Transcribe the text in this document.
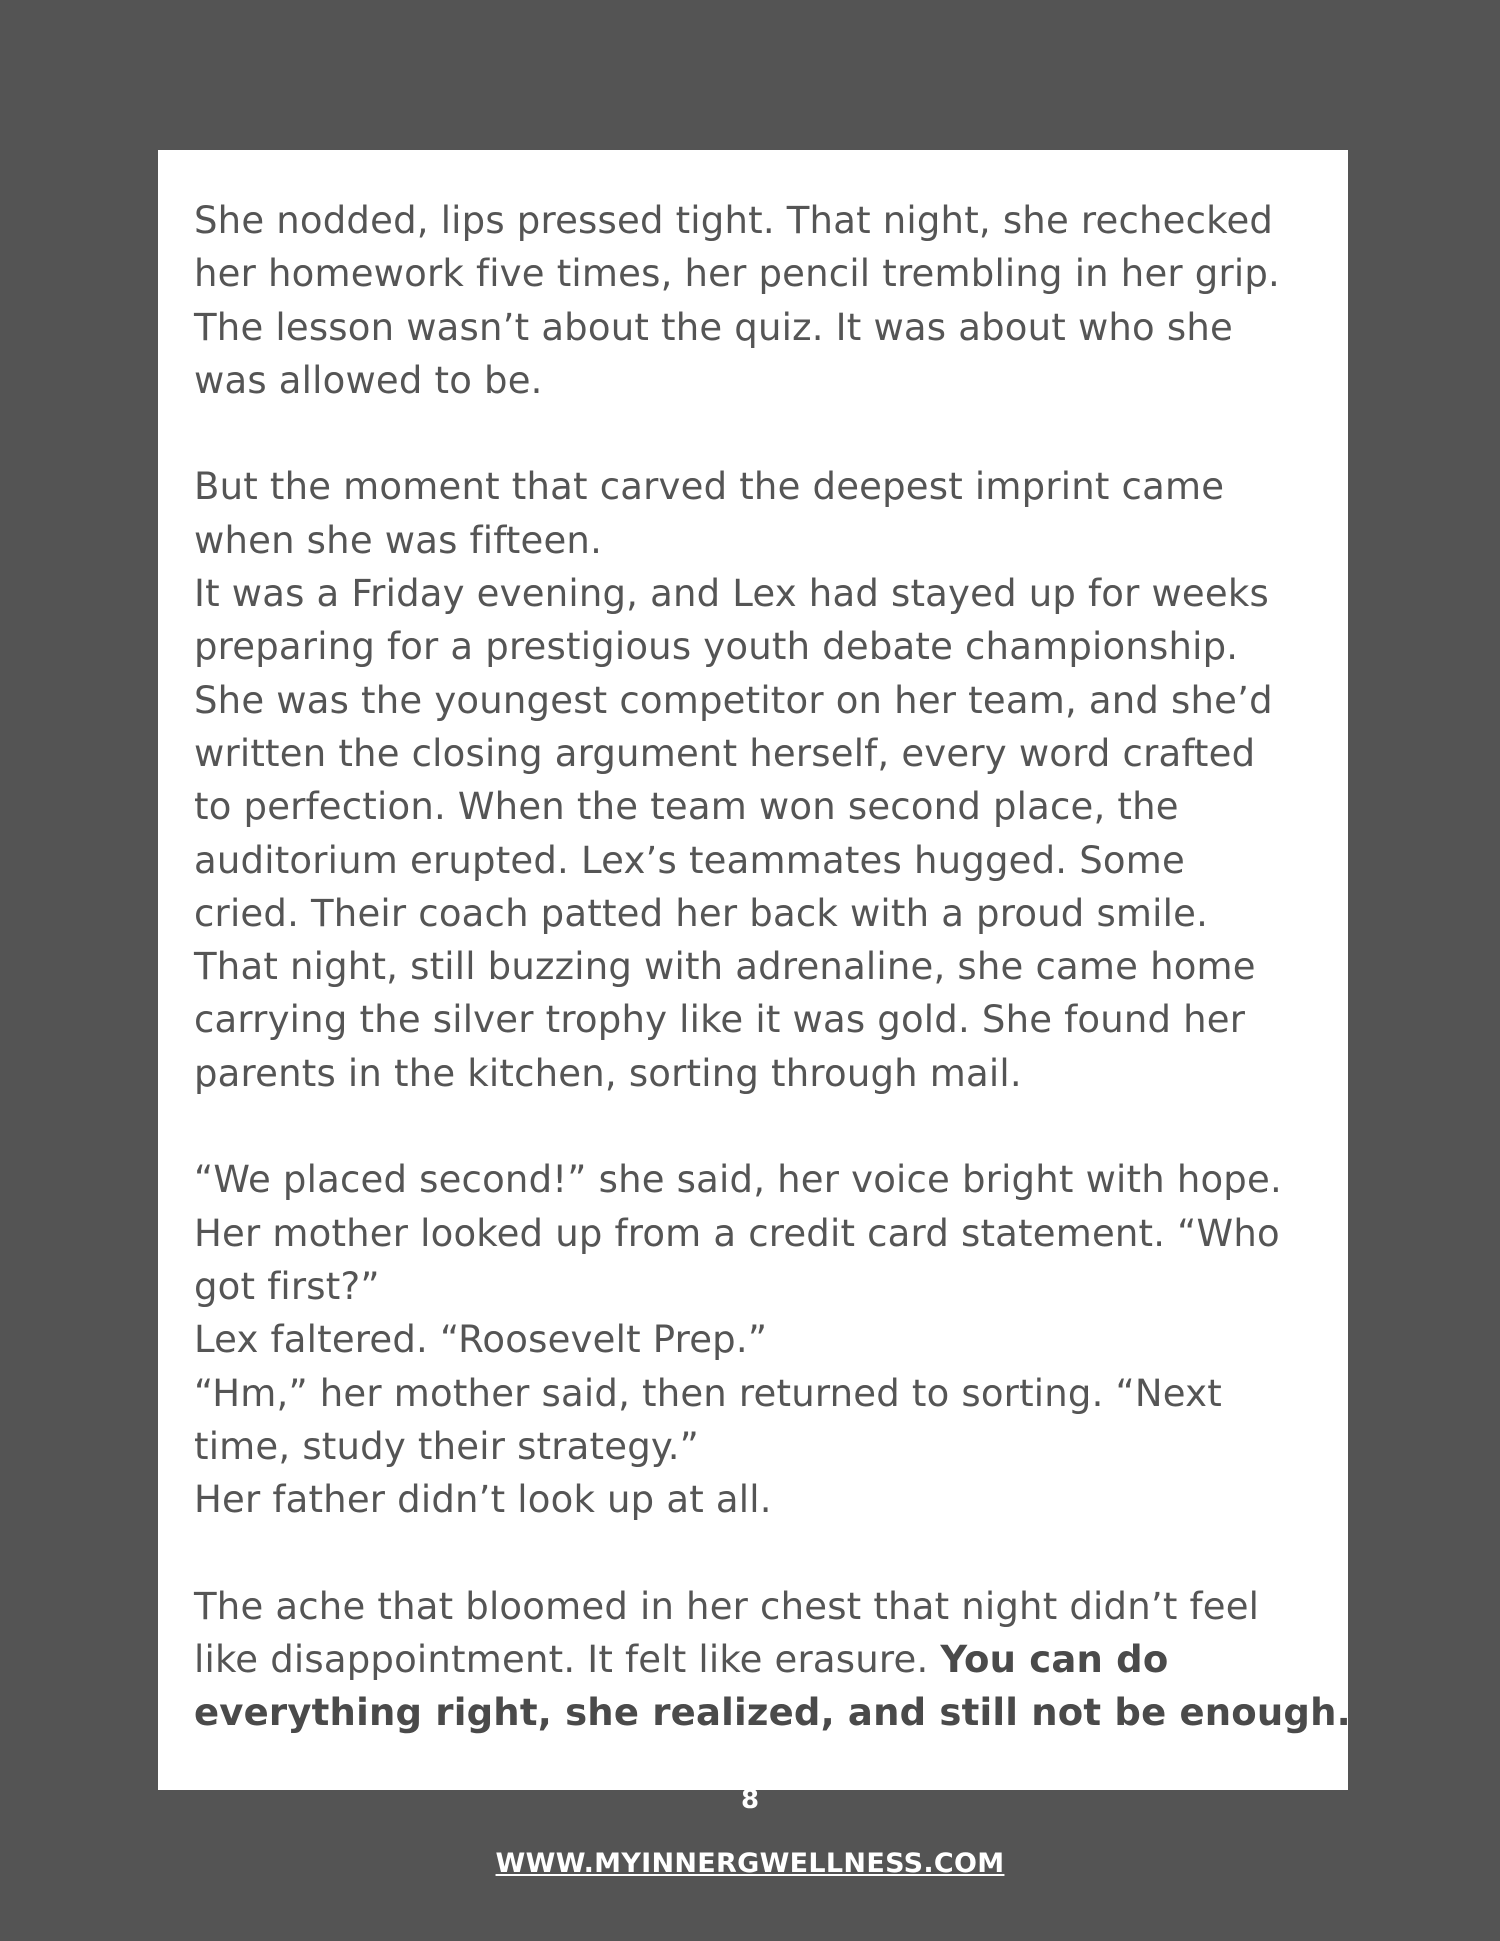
She nodded, lips pressed tight. That night, she rechecked
her homework five times, her pencil trembling in her grip.
The lesson wasn’t about the quiz. It was about who she
was allowed to be.

But the moment that carved the deepest imprint came
when she was fifteen.
It was a Friday evening, and Lex had stayed up for weeks
preparing for a prestigious youth debate championship.
She was the youngest competitor on her team, and she’d
written the closing argument herself, every word crafted
to perfection. When the team won second place, the
auditorium erupted. Lex’s teammates hugged. Some
cried. Their coach patted her back with a proud smile.
That night, still buzzing with adrenaline, she came home
carrying the silver trophy like it was gold. She found her
parents in the kitchen, sorting through mail.

“We placed second!” she said, her voice bright with hope.
Her mother looked up from a credit card statement. “Who
got first?”
Lex faltered. “Roosevelt Prep.”
“Hm,” her mother said, then returned to sorting. “Next
time, study their strategy.”
Her father didn’t look up at all.

The ache that bloomed in her chest that night didn’t feel
like disappointment. It felt like erasure. You can do
everything right, she realized, and still not be enough.

8
WWW.MYINNERGWELLNESS.COM
